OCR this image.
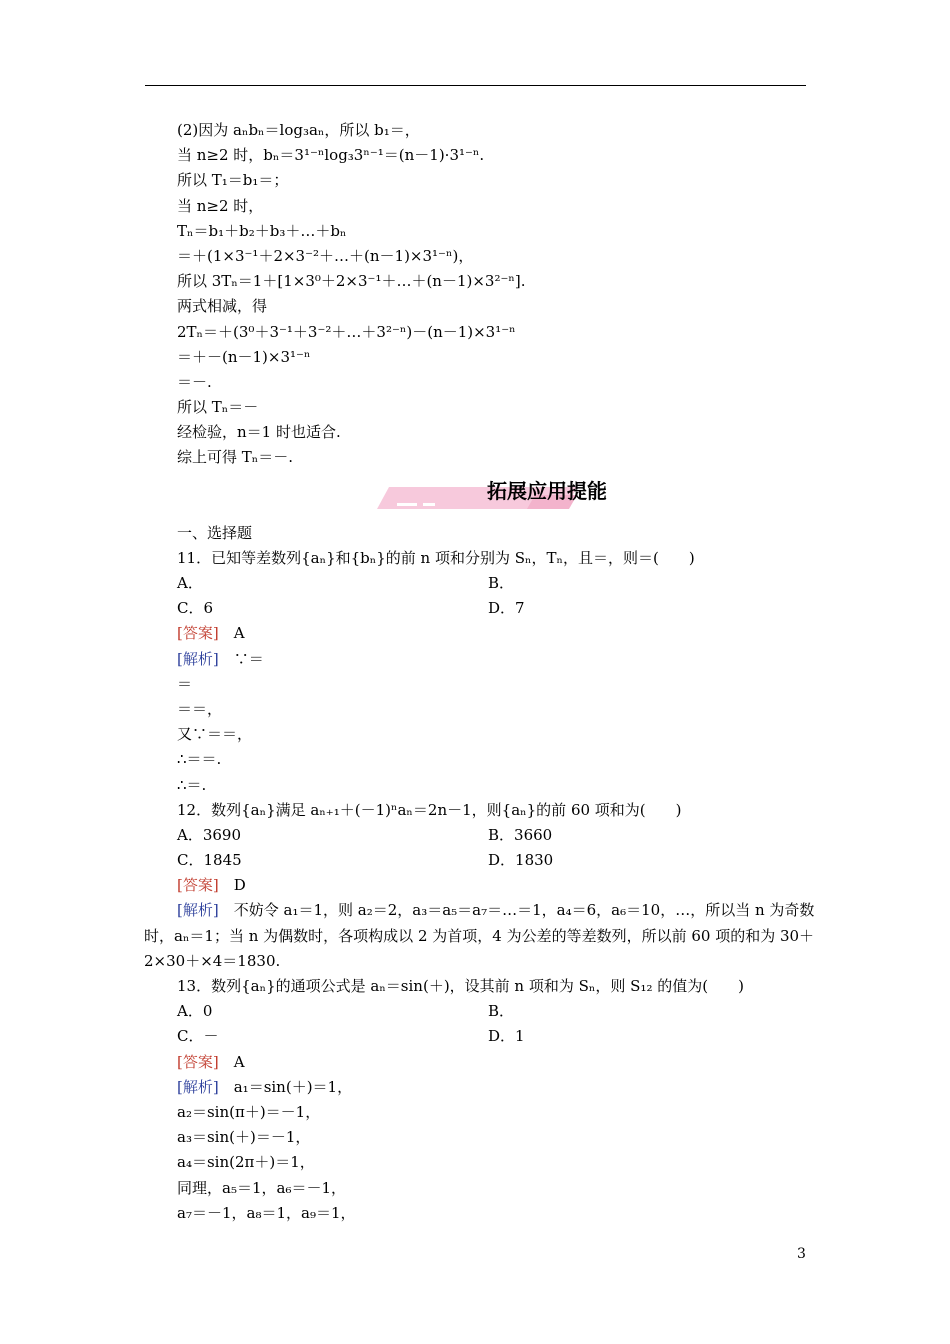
(2)因为 aₙbₙ＝log₃aₙ，所以 b₁＝，
当 n≥2 时，bₙ＝3¹⁻ⁿlog₃3ⁿ⁻¹＝(n－1)·3¹⁻ⁿ.
所以 T₁＝b₁＝；
当 n≥2 时，
Tₙ＝b₁＋b₂＋b₃＋…＋bₙ
＝＋(1×3⁻¹＋2×3⁻²＋…＋(n－1)×3¹⁻ⁿ)，
所以 3Tₙ＝1＋[1×3⁰＋2×3⁻¹＋…＋(n－1)×3²⁻ⁿ].
两式相减，得
2Tₙ＝＋(3⁰＋3⁻¹＋3⁻²＋…＋3²⁻ⁿ)－(n－1)×3¹⁻ⁿ
＝＋－(n－1)×3¹⁻ⁿ
＝－.
所以 Tₙ＝－
经检验，n＝1 时也适合.
综上可得 Tₙ＝－.
拓展应用提能
一、选择题
11．已知等差数列{aₙ}和{bₙ}的前 n 项和分别为 Sₙ，Tₙ，且＝，则＝(　　)
A．	B．
C．6	D．7
[答案]　 A
[解析]　 ∵＝
＝
＝＝，
又∵＝＝，
∴＝＝.
∴＝.
12．数列{aₙ}满足 aₙ₊₁＋(－1)ⁿaₙ＝2n－1，则{aₙ}的前 60 项和为(　　)
A．3690	B．3660
C．1845	D．1830
[答案]　 D
[解析]　 不妨令 a₁＝1，则 a₂＝2，a₃＝a₅＝a₇＝…＝1，a₄＝6，a₆＝10，…，所以当 n 为奇数时，aₙ＝1；当 n 为偶数时，各项构成以 2 为首项，4 为公差的等差数列，所以前 60 项的和为 30＋2×30＋×4＝1830.
13．数列{aₙ}的通项公式是 aₙ＝sin(＋)，设其前 n 项和为 Sₙ，则 S₁₂ 的值为(　　)
A．0	B．
C．－	D．1
[答案]　 A
[解析]　 a₁＝sin(＋)＝1，
a₂＝sin(π＋)＝－1，
a₃＝sin(＋)＝－1，
a₄＝sin(2π＋)＝1，
同理，a₅＝1，a₆＝－1，
a₇＝－1，a₈＝1，a₉＝1，
3
